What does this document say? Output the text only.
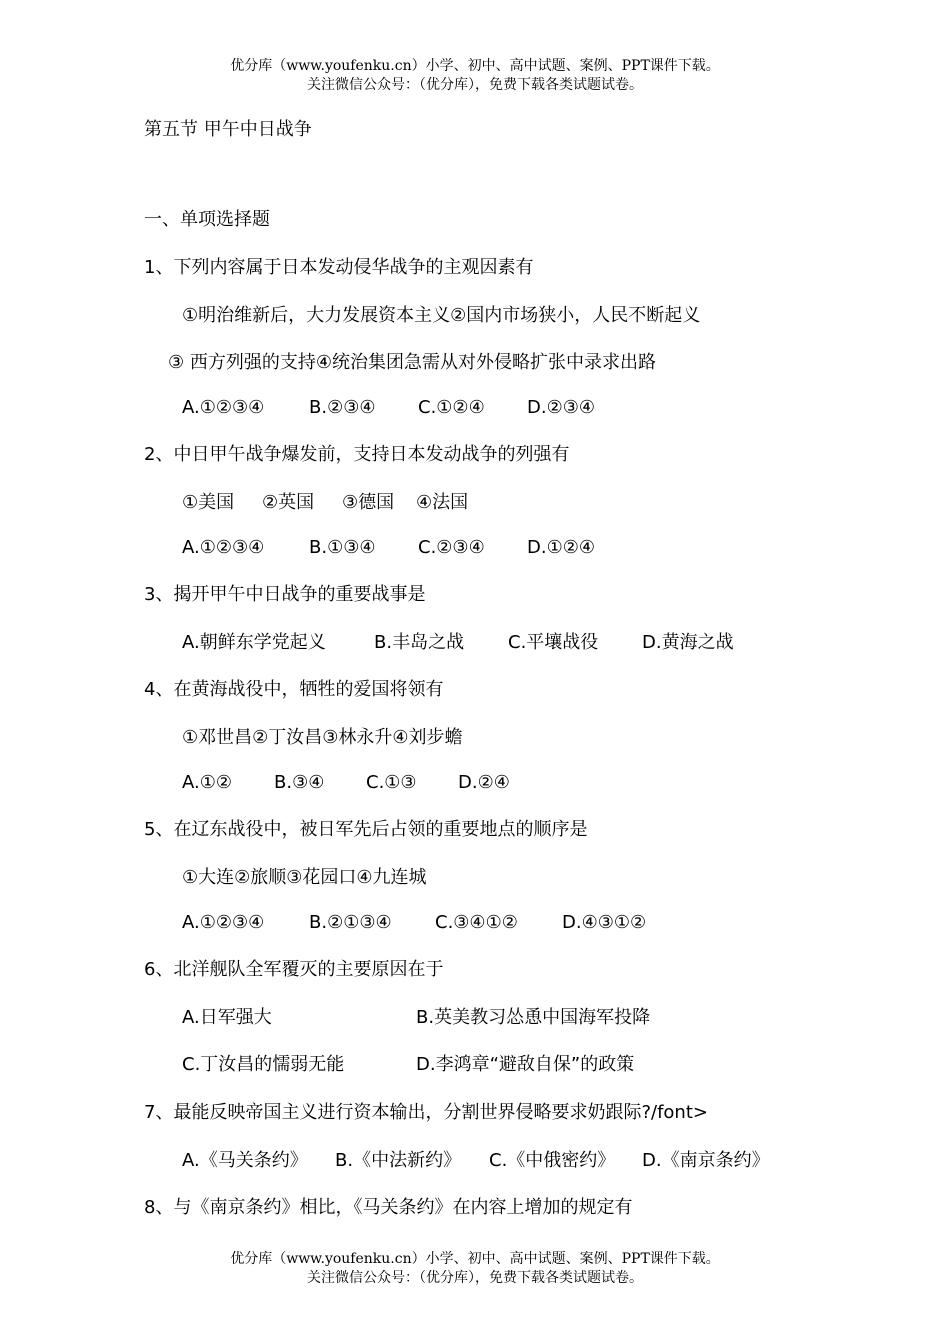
优分库（www.youfenku.cn）小学、初中、高中试题、案例、PPT课件下载。
关注微信公众号：（优分库），免费下载各类试题试卷。
第五节 甲午中日战争
一、单项选择题
1、下列内容属于日本发动侵华战争的主观因素有
①明治维新后，大力发展资本主义②国内市场狭小，人民不断起义
③ 西方列强的支持④统治集团急需从对外侵略扩张中录求出路
A.①②③④ B.②③④ C.①②④ D.②③④
2、中日甲午战争爆发前，支持日本发动战争的列强有
①美国 ②英国 ③德国 ④法国
A.①②③④ B.①③④ C.②③④ D.①②④
3、揭开甲午中日战争的重要战事是
A.朝鲜东学党起义	B.丰岛之战 C.平壤战役 D.黄海之战
4、在黄海战役中，牺牲的爱国将领有
①邓世昌②丁汝昌③林永升④刘步蟾
A.①② B.③④ C.①③ D.②④
5、在辽东战役中，被日军先后占领的重要地点的顺序是
①大连②旅顺③花园口④九连城
A.①②③④ B.②①③④ C.③④①② D.④③①②
6、北洋舰队全军覆灭的主要原因在于
A.日军强大	B.英美教习怂恿中国海军投降
C.丁汝昌的懦弱无能	D.李鸿章“避敌自保”的政策
7、最能反映帝国主义进行资本输出，分割世界侵略要求奶跟际?/font>
A.《马关条约》 B.《中法新约》 C.《中俄密约》 D.《南京条约》
8、与《南京条约》相比，《马关条约》在内容上增加的规定有
优分库（www.youfenku.cn）小学、初中、高中试题、案例、PPT课件下载。
关注微信公众号：（优分库），免费下载各类试题试卷。
